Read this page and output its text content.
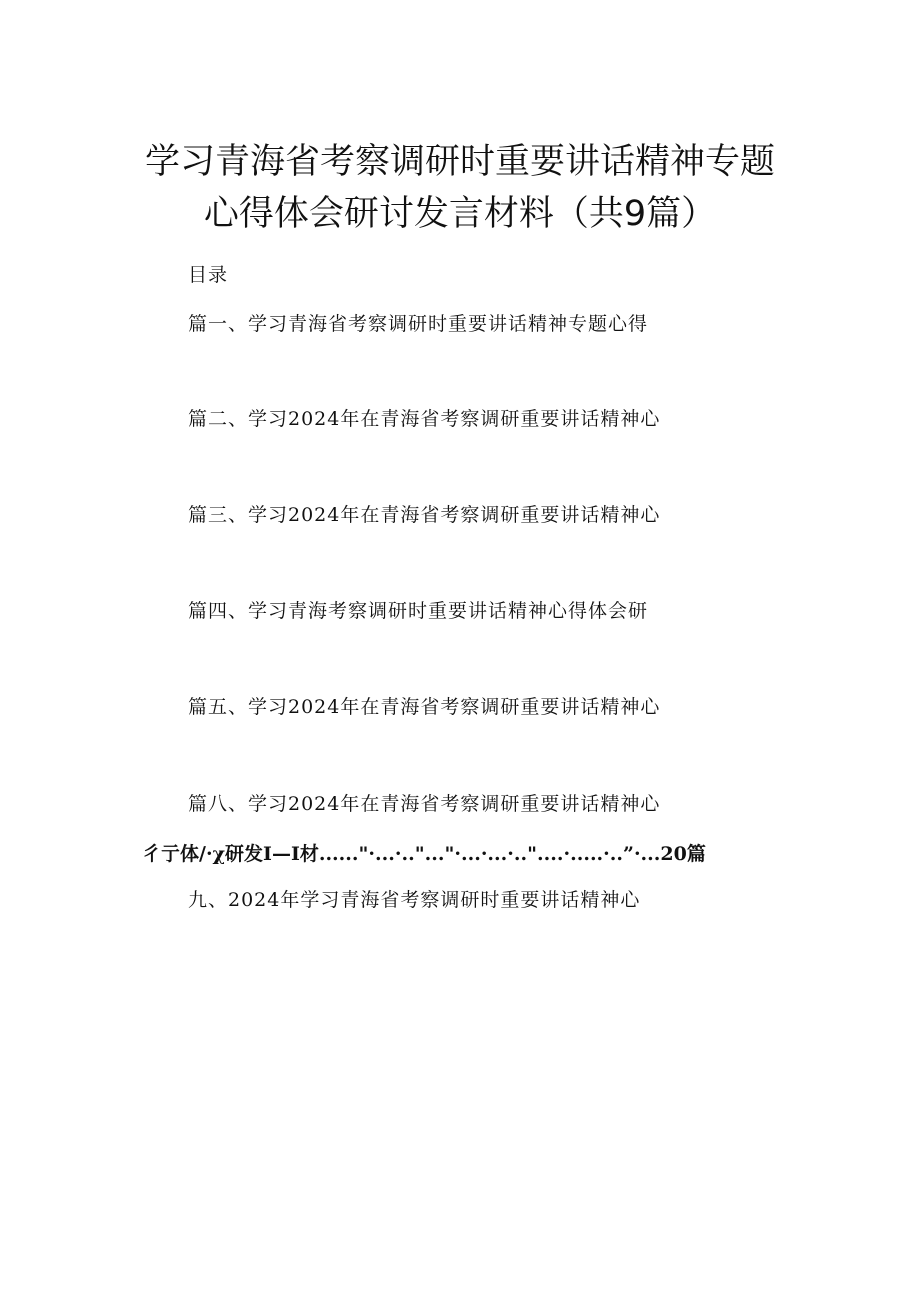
学习青海省考察调研时重要讲话精神专题
心得体会研讨发言材料（共9篇）
目录
篇一、学习青海省考察调研时重要讲话精神专题心得
篇二、学习2024年在青海省考察调研重要讲话精神心
篇三、学习2024年在青海省考察调研重要讲话精神心
篇四、学习青海考察调研时重要讲话精神心得体会研
篇五、学习2024年在青海省考察调研重要讲话精神心
篇八、学习2024年在青海省考察调研重要讲话精神心
彳亍体∕·χ研发I—I材......"·...·.."..."·...·...·.."....·.....·..”·...20篇
九、2024年学习青海省考察调研时重要讲话精神心
